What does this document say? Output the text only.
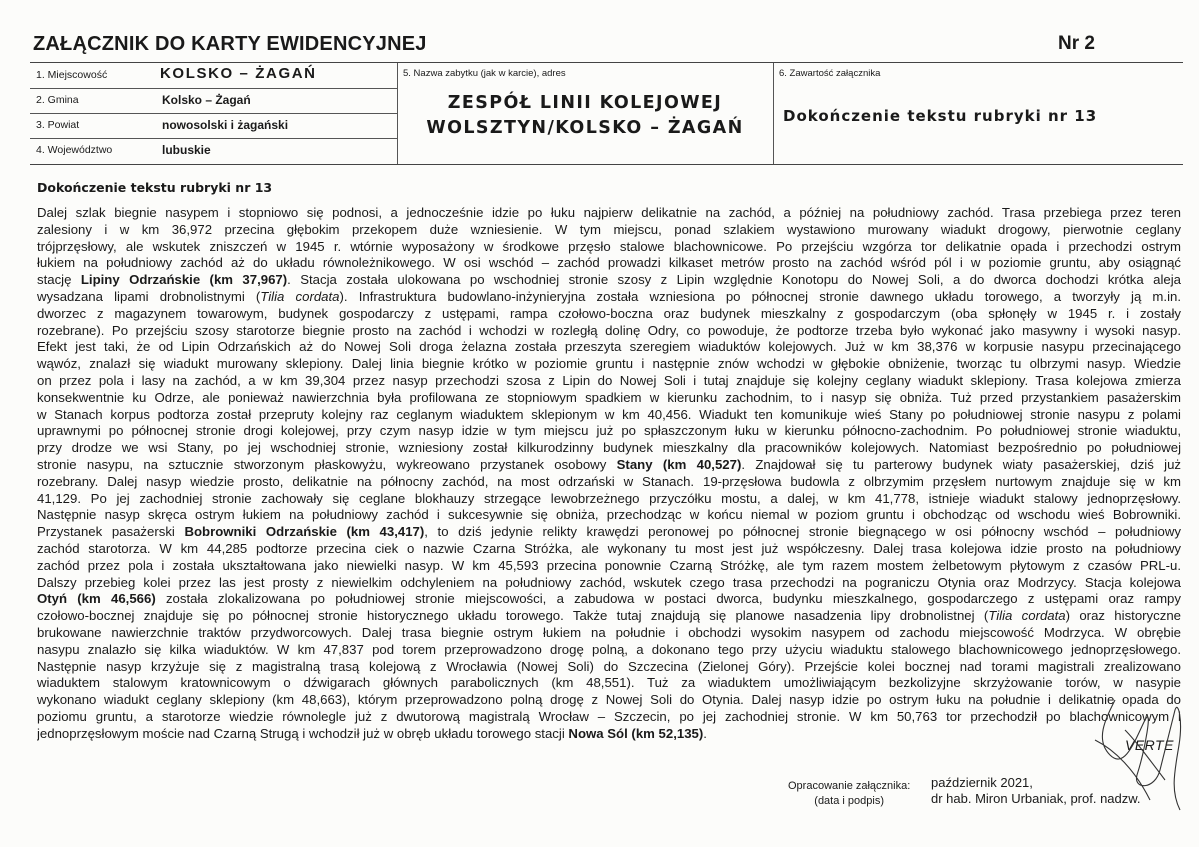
ZAŁĄCZNIK DO KARTY EWIDENCYJNEJ	Nr 2
1. Miejscowość	KOLSKO – ŻAGAŃ
2. Gmina	Kolsko – Żagań
3. Powiat	nowosolski i żagański
4. Województwo	lubuskie
5. Nazwa zabytku (jak w karcie), adres
ZESPÓŁ LINII KOLEJOWEJ
WOLSZTYN/KOLSKO – ŻAGAŃ
6. Zawartość załącznika
Dokończenie tekstu rubryki nr 13
Dokończenie tekstu rubryki nr 13
Dalej szlak biegnie nasypem i stopniowo się podnosi, a jednocześnie idzie po łuku najpierw delikatnie na zachód, a później na południowy zachód. Trasa przebiega przez teren
zalesiony i w km 36,972 przecina głębokim przekopem duże wzniesienie. W tym miejscu, ponad szlakiem wystawiono murowany wiadukt drogowy, pierwotnie ceglany
trójprzęsłowy, ale wskutek zniszczeń w 1945 r. wtórnie wyposażony w środkowe przęsło stalowe blachownicowe. Po przejściu wzgórza tor delikatnie opada i przechodzi ostrym
łukiem na południowy zachód aż do układu równoleżnikowego. W osi wschód – zachód prowadzi kilkaset metrów prosto na zachód wśród pól i w poziomie gruntu, aby osiągnąć
stację Lipiny Odrzańskie (km 37,967). Stacja została ulokowana po wschodniej stronie szosy z Lipin względnie Konotopu do Nowej Soli, a do dworca dochodzi krótka aleja
wysadzana lipami drobnolistnymi (Tilia cordata). Infrastruktura budowlano-inżynieryjna została wzniesiona po północnej stronie dawnego układu torowego, a tworzyły ją m.in.
dworzec z magazynem towarowym, budynek gospodarczy z ustępami, rampa czołowo-boczna oraz budynek mieszkalny z gospodarczym (oba spłonęły w 1945 r. i zostały
rozebrane). Po przejściu szosy starotorze biegnie prosto na zachód i wchodzi w rozległą dolinę Odry, co powoduje, że podtorze trzeba było wykonać jako masywny i wysoki nasyp.
Efekt jest taki, że od Lipin Odrzańskich aż do Nowej Soli droga żelazna została przeszyta szeregiem wiaduktów kolejowych. Już w km 38,376 w korpusie nasypu przecinającego
wąwóz, znalazł się wiadukt murowany sklepiony. Dalej linia biegnie krótko w poziomie gruntu i następnie znów wchodzi w głębokie obniżenie, tworząc tu olbrzymi nasyp. Wiedzie
on przez pola i lasy na zachód, a w km 39,304 przez nasyp przechodzi szosa z Lipin do Nowej Soli i tutaj znajduje się kolejny ceglany wiadukt sklepiony. Trasa kolejowa zmierza
konsekwentnie ku Odrze, ale ponieważ nawierzchnia była profilowana ze stopniowym spadkiem w kierunku zachodnim, to i nasyp się obniża. Tuż przed przystankiem pasażerskim
w Stanach korpus podtorza został przepruty kolejny raz ceglanym wiaduktem sklepionym w km 40,456. Wiadukt ten komunikuje wieś Stany po południowej stronie nasypu z polami
uprawnymi po północnej stronie drogi kolejowej, przy czym nasyp idzie w tym miejscu już po spłaszczonym łuku w kierunku północno-zachodnim. Po południowej stronie wiaduktu,
przy drodze we wsi Stany, po jej wschodniej stronie, wzniesiony został kilkurodzinny budynek mieszkalny dla pracowników kolejowych. Natomiast bezpośrednio po południowej
stronie nasypu, na sztucznie stworzonym płaskowyżu, wykreowano przystanek osobowy Stany (km 40,527). Znajdował się tu parterowy budynek wiaty pasażerskiej, dziś już
rozebrany. Dalej nasyp wiedzie prosto, delikatnie na północny zachód, na most odrzański w Stanach. 19-przęsłowa budowla z olbrzymim przęsłem nurtowym znajduje się w km
41,129. Po jej zachodniej stronie zachowały się ceglane blokhauzy strzegące lewobrzeżnego przyczółku mostu, a dalej, w km 41,778, istnieje wiadukt stalowy jednoprzęsłowy.
Następnie nasyp skręca ostrym łukiem na południowy zachód i sukcesywnie się obniża, przechodząc w końcu niemal w poziom gruntu i obchodząc od wschodu wieś Bobrowniki.
Przystanek pasażerski Bobrowniki Odrzańskie (km 43,417), to dziś jedynie relikty krawędzi peronowej po północnej stronie biegnącego w osi północny wschód – południowy
zachód starotorza. W km 44,285 podtorze przecina ciek o nazwie Czarna Stróżka, ale wykonany tu most jest już współczesny. Dalej trasa kolejowa idzie prosto na południowy
zachód przez pola i została ukształtowana jako niewielki nasyp. W km 45,593 przecina ponownie Czarną Stróżkę, ale tym razem mostem żelbetowym płytowym z czasów PRL-u.
Dalszy przebieg kolei przez las jest prosty z niewielkim odchyleniem na południowy zachód, wskutek czego trasa przechodzi na pograniczu Otynia oraz Modrzycy. Stacja kolejowa
Otyń (km 46,566) została zlokalizowana po południowej stronie miejscowości, a zabudowa w postaci dworca, budynku mieszkalnego, gospodarczego z ustępami oraz rampy
czołowo-bocznej znajduje się po północnej stronie historycznego układu torowego. Także tutaj znajdują się planowe nasadzenia lipy drobnolistnej (Tilia cordata) oraz historyczne
brukowane nawierzchnie traktów przydworcowych. Dalej trasa biegnie ostrym łukiem na południe i obchodzi wysokim nasypem od zachodu miejscowość Modrzyca. W obrębie
nasypu znalazło się kilka wiaduktów. W km 47,837 pod torem przeprowadzono drogę polną, a dokonano tego przy użyciu wiaduktu stalowego blachownicowego jednoprzęsłowego.
Następnie nasyp krzyżuje się z magistralną trasą kolejową z Wrocławia (Nowej Soli) do Szczecina (Zielonej Góry). Przejście kolei bocznej nad torami magistrali zrealizowano
wiaduktem stalowym kratownicowym o dźwigarach głównych parabolicznych (km 48,551). Tuż za wiaduktem umożliwiającym bezkolizyjne skrzyżowanie torów, w nasypie
wykonano wiadukt ceglany sklepiony (km 48,663), którym przeprowadzono polną drogę z Nowej Soli do Otynia. Dalej nasyp idzie po ostrym łuku na południe i delikatnie opada do
poziomu gruntu, a starotorze wiedzie równolegle już z dwutorową magistralą Wrocław – Szczecin, po jej zachodniej stronie. W km 50,763 tor przechodził po blachownicowym i
jednoprzęsłowym moście nad Czarną Strugą i wchodził już w obręb układu torowego stacji Nowa Sól (km 52,135).
VERTE
Opracowanie załącznika:
(data i podpis)
październik 2021,
dr hab. Miron Urbaniak, prof. nadzw.
